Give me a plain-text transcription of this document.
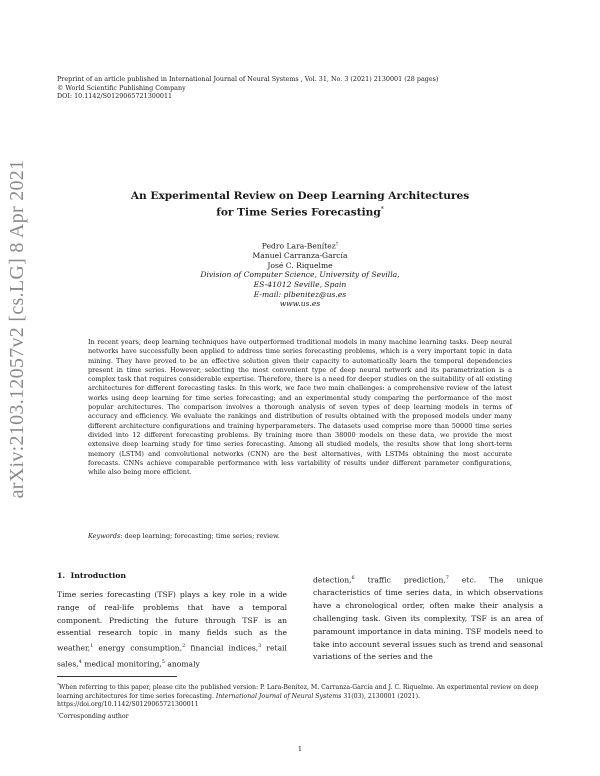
arXiv:2103.12057v2 [cs.LG] 8 Apr 2021
Preprint of an article published in International Journal of Neural Systems , Vol. 31, No. 3 (2021) 2130001 (28 pages)
© World Scientific Publishing Company
DOI: 10.1142/S0129065721300011
An Experimental Review on Deep Learning Architectures
for Time Series Forecasting*
Pedro Lara-Benítez†
Manuel Carranza-García
José C. Riquelme
Division of Computer Science, University of Sevilla,
ES-41012 Seville, Spain
E-mail: plbenitez@us.es
www.us.es
In recent years, deep learning techniques have outperformed traditional models in many machine learning tasks. Deep neural networks have successfully been applied to address time series forecasting problems, which is a very important topic in data mining. They have proved to be an effective solution given their capacity to automatically learn the temporal dependencies present in time series. However, selecting the most convenient type of deep neural network and its parametrization is a complex task that requires considerable expertise. Therefore, there is a need for deeper studies on the suitability of all existing architectures for different forecasting tasks. In this work, we face two main challenges: a comprehensive review of the latest works using deep learning for time series forecasting; and an experimental study comparing the performance of the most popular architectures. The comparison involves a thorough analysis of seven types of deep learning models in terms of accuracy and efficiency. We evaluate the rankings and distribution of results obtained with the proposed models under many different architecture configurations and training hyperparameters. The datasets used comprise more than 50000 time series divided into 12 different forecasting problems. By training more than 38000 models on these data, we provide the most extensive deep learning study for time series forecasting. Among all studied models, the results show that long short-term memory (LSTM) and convolutional networks (CNN) are the best alternatives, with LSTMs obtaining the most accurate forecasts. CNNs achieve comparable performance with less variability of results under different parameter configurations, while also being more efficient.
Keywords: deep learning; forecasting; time series; review.
1. Introduction
Time series forecasting (TSF) plays a key role in a wide range of real-life problems that have a temporal component. Predicting the future through TSF is an essential research topic in many fields such as the weather,$^1$ energy consumption,$^2$ financial indices,$^3$ retail sales,$^4$ medical monitoring,$^5$ anomaly
detection,$^6$ traffic prediction,$^7$ etc. The unique characteristics of time series data, in which observations have a chronological order, often make their analysis a challenging task. Given its complexity, TSF is an area of paramount importance in data mining. TSF models need to take into account several issues such as trend and seasonal variations of the series and the
*When referring to this paper, please cite the published version: P. Lara-Benítez, M. Carranza-García and J. C. Riquelme. An experimental review on deep learning architectures for time series forecasting. International Journal of Neural Systems 31(03), 2130001 (2021). https://doi.org/10.1142/S0129065721300011
†Corresponding author
1
